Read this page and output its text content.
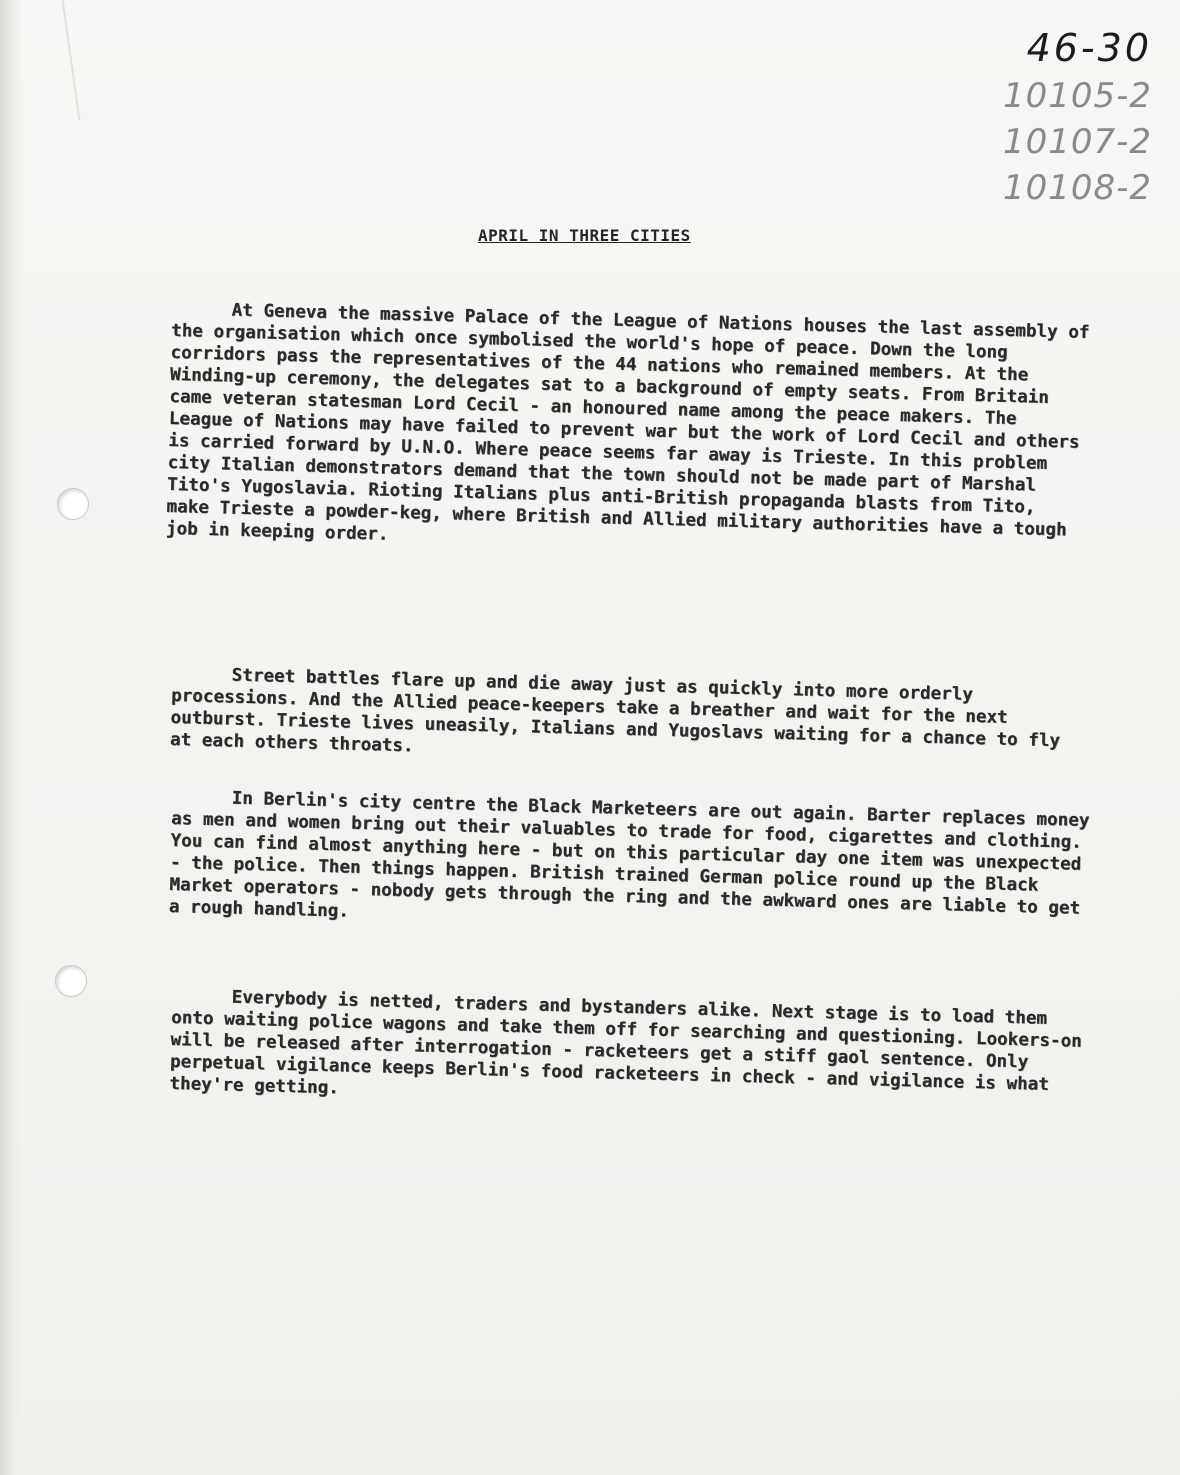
46-30
10105-2
10107-2
10108-2
APRIL IN THREE CITIES

At Geneva the massive Palace of the League of Nations houses the last assembly of the organisation which once symbolised the world's hope of peace. Down the long corridors pass the representatives of the 44 nations who remained members. At the Winding-up ceremony, the delegates sat to a background of empty seats. From Britain came veteran statesman Lord Cecil - an honoured name among the peace makers. The League of Nations may have failed to prevent war but the work of Lord Cecil and others is carried forward by U.N.O. Where peace seems far away is Trieste. In this problem city Italian demonstrators demand that the town should not be made part of Marshal Tito's Yugoslavia. Rioting Italians plus anti-British propaganda blasts from Tito, make Trieste a powder-keg, where British and Allied military authorities have a tough job in keeping order.

Street battles flare up and die away just as quickly into more orderly processions. And the Allied peace-keepers take a breather and wait for the next outburst. Trieste lives uneasily, Italians and Yugoslavs waiting for a chance to fly at each others throats.

In Berlin's city centre the Black Marketeers are out again. Barter replaces money as men and women bring out their valuables to trade for food, cigarettes and clothing. You can find almost anything here - but on this particular day one item was unexpected - the police. Then things happen. British trained German police round up the Black Market operators - nobody gets through the ring and the awkward ones are liable to get a rough handling.

Everybody is netted, traders and bystanders alike. Next stage is to load them onto waiting police wagons and take them off for searching and questioning. Lookers-on will be released after interrogation - racketeers get a stiff gaol sentence. Only perpetual vigilance keeps Berlin's food racketeers in check - and vigilance is what they're getting.
